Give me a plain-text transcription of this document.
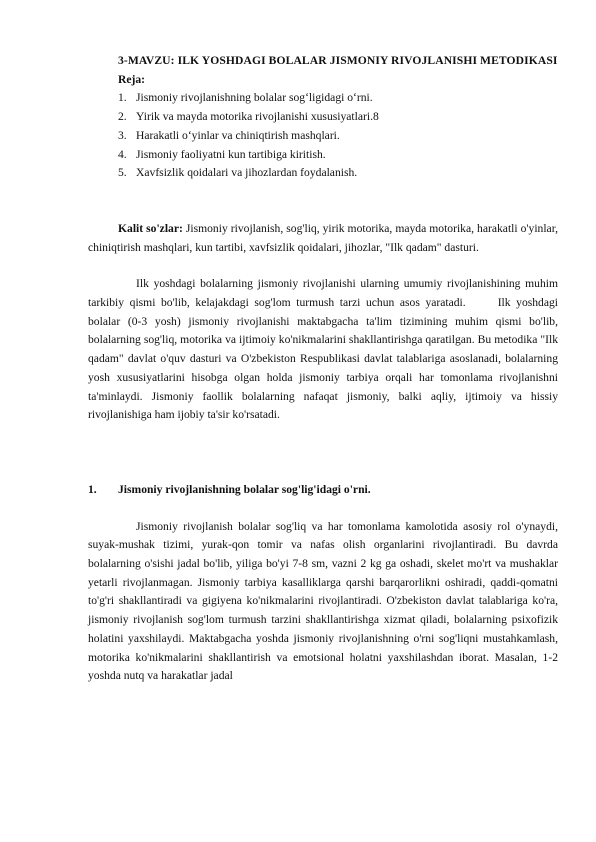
3-MAVZU: ILK YOSHDAGI BOLALAR JISMONIY RIVOJLANISHI METODIKASI

Reja:

1. Jismoniy rivojlanishning bolalar sog‘ligidagi o‘rni.
2. Yirik va mayda motorika rivojlanishi xususiyatlari.8
3. Harakatli o‘yinlar va chiniqtirish mashqlari.
4. Jismoniy faoliyatni kun tartibiga kiritish.
5. Xavfsizlik qoidalari va jihozlardan foydalanish.

Kalit so'zlar: Jismoniy rivojlanish, sog'liq, yirik motorika, mayda motorika, harakatli o'yinlar, chiniqtirish mashqlari, kun tartibi, xavfsizlik qoidalari, jihozlar, "Ilk qadam" dasturi.

Ilk yoshdagi bolalarning jismoniy rivojlanishi ularning umumiy rivojlanishining muhim tarkibiy qismi bo'lib, kelajakdagi sog'lom turmush tarzi uchun asos yaratadi.	Ilk yoshdagi bolalar (0-3 yosh) jismoniy rivojlanishi maktabgacha ta'lim tizimining muhim qismi bo'lib, bolalarning sog'liq, motorika va ijtimoiy ko'nikmalarini shakllantirishga qaratilgan. Bu metodika "Ilk qadam" davlat o'quv dasturi va O'zbekiston Respublikasi davlat talablariga asoslanadi, bolalarning yosh xususiyatlarini hisobga olgan holda jismoniy tarbiya orqali har tomonlama rivojlanishni ta'minlaydi. Jismoniy faollik bolalarning nafaqat jismoniy, balki aqliy, ijtimoiy va hissiy rivojlanishiga ham ijobiy ta'sir ko'rsatadi.

1.	Jismoniy rivojlanishning bolalar sog'lig'idagi o'rni.

Jismoniy rivojlanish bolalar sog'liq va har tomonlama kamolotida asosiy rol o'ynaydi, suyak-mushak tizimi, yurak-qon tomir va nafas olish organlarini rivojlantiradi. Bu davrda bolalarning o'sishi jadal bo'lib, yiliga bo'yi 7-8 sm, vazni 2 kg ga oshadi, skelet mo'rt va mushaklar yetarli rivojlanmagan. Jismoniy tarbiya kasalliklarga qarshi barqarorlikni oshiradi, qaddi-qomatni to'g'ri shakllantiradi va gigiyena ko'nikmalarini rivojlantiradi. O'zbekiston davlat talablariga ko'ra, jismoniy rivojlanish sog'lom turmush tarzini shakllantirishga xizmat qiladi, bolalarning psixofizik holatini yaxshilaydi. Maktabgacha yoshda jismoniy rivojlanishning o'rni sog'liqni mustahkamlash, motorika ko'nikmalarini shakllantirish va emotsional holatni yaxshilashdan iborat. Masalan, 1-2 yoshda nutq va harakatlar jadal
